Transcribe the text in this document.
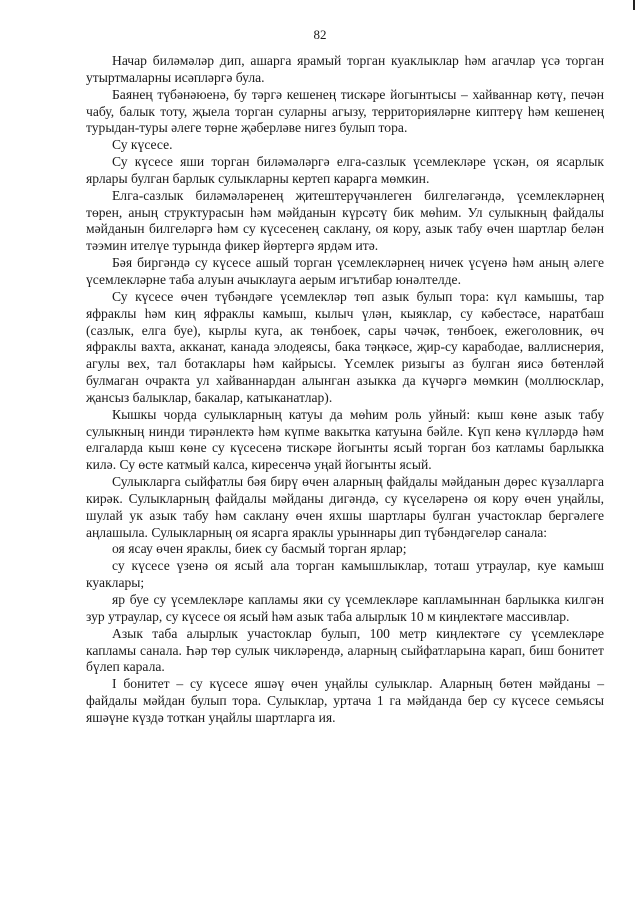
82

Начар биләмәләр дип, ашарга ярамый торган куаклыклар һәм агачлар үсә торган утыртмаларны исәпләргә була.

Баянең түбәнәюенә, бу тәргә кешенең тискәре йогынтысы – хайваннар көтү, печән чабу, балык тоту, җыела торган суларны агызу, территорияләрне киптерү һәм кешенең турыдан-туры әлеге төрне җәберләве нигез булып тора.

Су күсесе.

Су күсесе яши торган биләмәләргә елга-сазлык үсемлекләре үскән, оя ясарлык ярлары булган барлык сулыкларны кертеп карарга мөмкин.

Елга-сазлык биләмәләренең җитештерүчәнлеген билгеләгәндә, үсемлекләрнең төрен, аның структурасын һәм мәйданын күрсәтү бик мөһим. Ул сулыкның файдалы мәйданын билгеләргә һәм су күсесенең саклану, оя кору, азык табу өчен шартлар белән тәэмин ителүе турында фикер йөртергә ярдәм итә.

Бәя биргәндә су күсесе ашый торган үсемлекләрнең ничек үсүенә һәм аның әлеге үсемлекләрне таба алуын ачыклауга аерым игътибар юнәлтелде.

Су күсесе өчен түбәндәге үсемлекләр төп азык булып тора: күл камышы, тар яфраклы һәм киң яфраклы камыш, кылыч үлән, кыяклар, су кәбестәсе, наратбаш (сазлык, елга буе), кырлы куга, ак төнбоек, сары чәчәк, төнбоек, ежеголовник, өч яфраклы вахта, акканат, канада элодеясы, бака тәңкәсе, җир-су карабодае, валлиснерия, агулы вех, тал ботаклары һәм кайрысы. Үсемлек ризыгы аз булган яисә бөтенләй булмаган очракта ул хайваннардан алынган азыкка да күчәргә мөмкин (моллюсклар, җансыз балыклар, бакалар, катыканатлар).

Кышкы чорда сулыкларның катуы да мөһим роль уйный: кыш көне азык табу сулыкның нинди тирәнлектә һәм күпме вакытка катуына бәйле. Күп кенә күлләрдә һәм елгаларда кыш көне су күсесенә тискәре йогынты ясый торган боз катламы барлыкка килә. Су өсте катмый калса, киресенчә уңай йогынты ясый.

Сулыкларга сыйфатлы бәя бирү өчен аларның файдалы мәйданын дөрес күзалларга кирәк. Сулыкларның файдалы мәйданы дигәндә, су күселәренә оя кору өчен уңайлы, шулай ук азык табу һәм саклану өчен яхшы шартлары булган участоклар бергәлеге аңлашыла. Сулыкларның оя ясарга яраклы урыннары дип түбәндәгеләр санала:

оя ясау өчен яраклы, биек су басмый торган ярлар;

су күсесе үзенә оя ясый ала торган камышлыклар, тоташ утраулар, куе камыш куаклары;

яр буе су үсемлекләре капламы яки су үсемлекләре капламыннан барлыкка килгән зур утраулар, су күсесе оя ясый һәм азык таба алырлык 10 м киңлектәге массивлар.

Азык таба алырлык участоклар булып, 100 метр киңлектәге су үсемлекләре капламы санала. Һәр төр сулык чикләрендә, аларның сыйфатларына карап, биш бонитет бүлеп карала.

I бонитет – су күсесе яшәү өчен уңайлы сулыклар. Аларның бөтен мәйданы – файдалы мәйдан булып тора. Сулыклар, уртача 1 га мәйданда бер су күсесе семьясы яшәүне күздә тоткан уңайлы шартларга ия.
